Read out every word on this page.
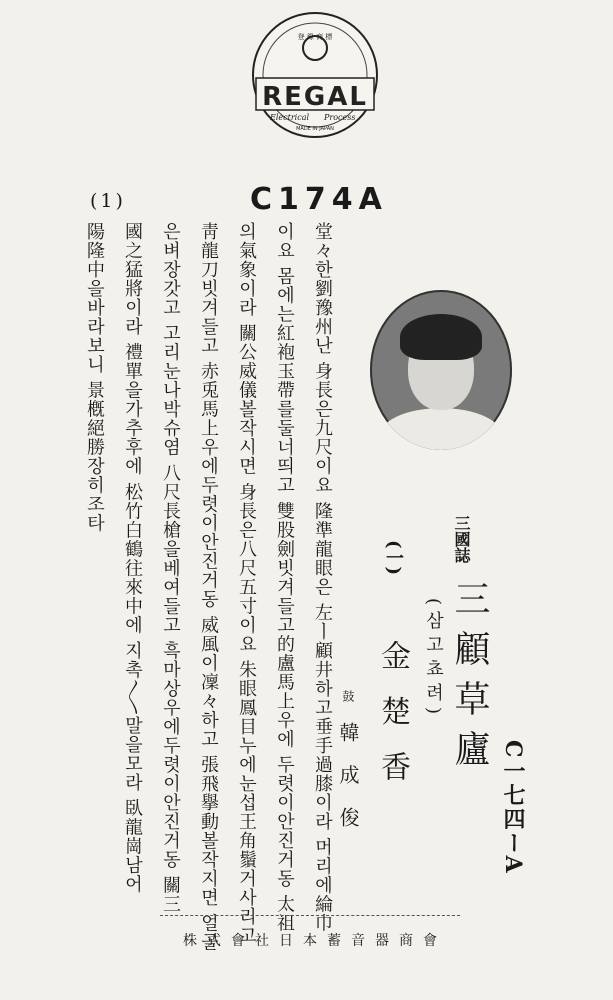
REGAL
登 錄 商 標
Electrical Process
MADE IN JAPAN
(1)	C174A
陽隆中을바라보니 景槪絕勝장히조타 國之猛將이라 禮單을가추후에 松竹白鶴往來中에 지촉〳〵말을모라 臥龍崗남어 은벼장갓고 고리눈나박슈염 八尺長槍을베여들고 흑마상우에두렷이안진거동 關三 靑龍刀빗겨들고 赤兎馬上우에두렷이안진거동 威風이凜々하고 張飛擧動볼작지면 얼골 의氣象이라 關公威儀볼작시면 身長은八尺五寸이요 朱眼鳳目누에눈섭王角鬚거사리고 이요 몸에는紅袍玉帶를둘너띄고 雙股劍빗겨들고的盧馬上우에 두렷이안진거동 太祖 堂々한劉豫州난 身長은九尺이요 隆準龍眼은 左ㅣ顧井하고垂手過膝이라 머리에綸巾	三國誌
三顧草廬
(삼고쵸려)
(一)
金 楚 香
鼓
韓 成 俊	C一七四ーA
株式會社日本蓄音器商會
